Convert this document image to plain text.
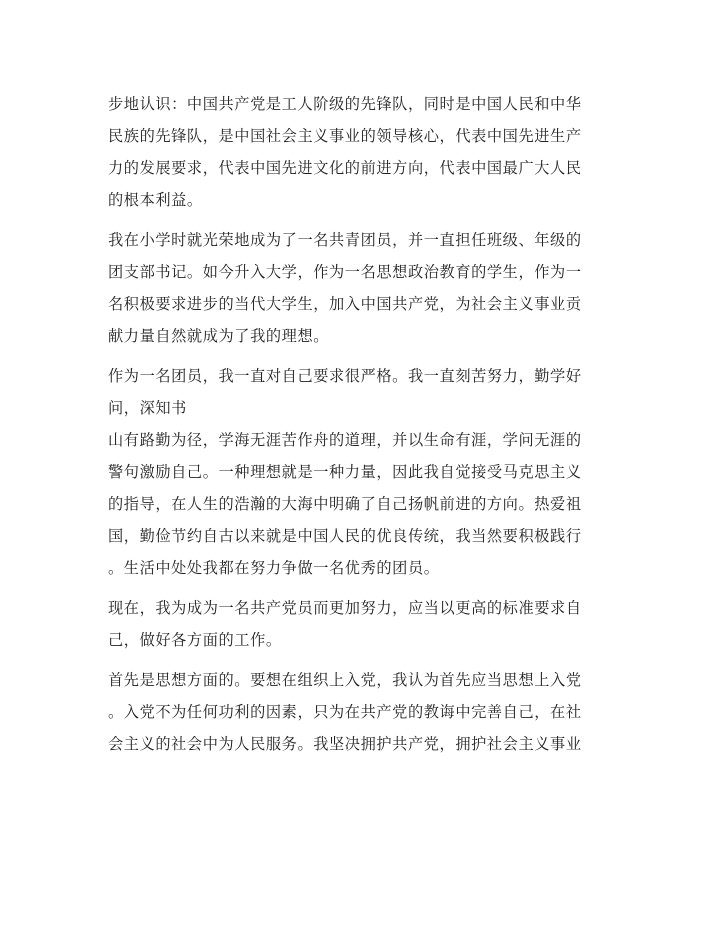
步地认识：中国共产党是工人阶级的先锋队，同时是中国人民和中华
民族的先锋队，是中国社会主义事业的领导核心，代表中国先进生产
力的发展要求，代表中国先进文化的前进方向，代表中国最广大人民
的根本利益。
我在小学时就光荣地成为了一名共青团员，并一直担任班级、年级的
团支部书记。如今升入大学，作为一名思想政治教育的学生，作为一
名积极要求进步的当代大学生，加入中国共产党，为社会主义事业贡
献力量自然就成为了我的理想。
作为一名团员，我一直对自己要求很严格。我一直刻苦努力，勤学好
问，深知书
山有路勤为径，学海无涯苦作舟的道理，并以生命有涯，学问无涯的
警句激励自己。一种理想就是一种力量，因此我自觉接受马克思主义
的指导，在人生的浩瀚的大海中明确了自己扬帆前进的方向。热爱祖
国，勤俭节约自古以来就是中国人民的优良传统，我当然要积极践行
。生活中处处我都在努力争做一名优秀的团员。
现在，我为成为一名共产党员而更加努力，应当以更高的标准要求自
己，做好各方面的工作。
首先是思想方面的。要想在组织上入党，我认为首先应当思想上入党
。入党不为任何功利的因素，只为在共产党的教诲中完善自己，在社
会主义的社会中为人民服务。我坚决拥护共产党，拥护社会主义事业
